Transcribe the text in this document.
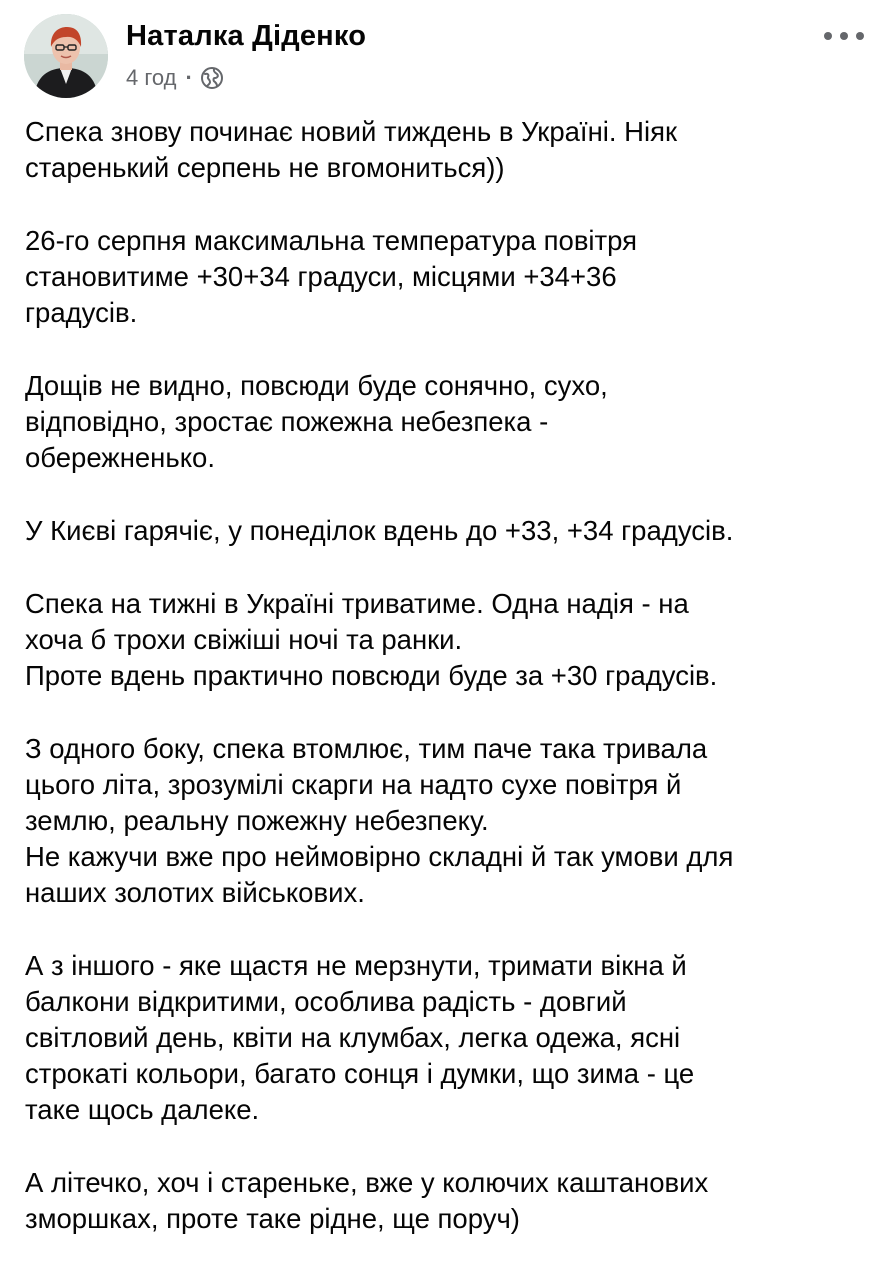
Наталка Діденко
4 год ·

Спека знову починає новий тиждень в Україні. Ніяк
старенький серпень не вгомониться))

26-го серпня максимальна температура повітря
становитиме +30+34 градуси, місцями +34+36
градусів.

Дощів не видно, повсюди буде сонячно, сухо,
відповідно, зростає пожежна небезпека -
обережненько.

У Києві гарячіє, у понеділок вдень до +33, +34 градусів.

Спека на тижні в Україні триватиме. Одна надія - на
хоча б трохи свіжіші ночі та ранки.
Проте вдень практично повсюди буде за +30 градусів.

З одного боку, спека втомлює, тим паче така тривала
цього літа, зрозумілі скарги на надто сухе повітря й
землю, реальну пожежну небезпеку.
Не кажучи вже про неймовірно складні й так умови для
наших золотих військових.

А з іншого - яке щастя не мерзнути, тримати вікна й
балкони відкритими, особлива радість - довгий
світловий день, квіти на клумбах, легка одежа, ясні
строкаті кольори, багато сонця і думки, що зима - це
таке щось далеке.

А літечко, хоч і стареньке, вже у колючих каштанових
зморшках, проте таке рідне, ще поруч)
